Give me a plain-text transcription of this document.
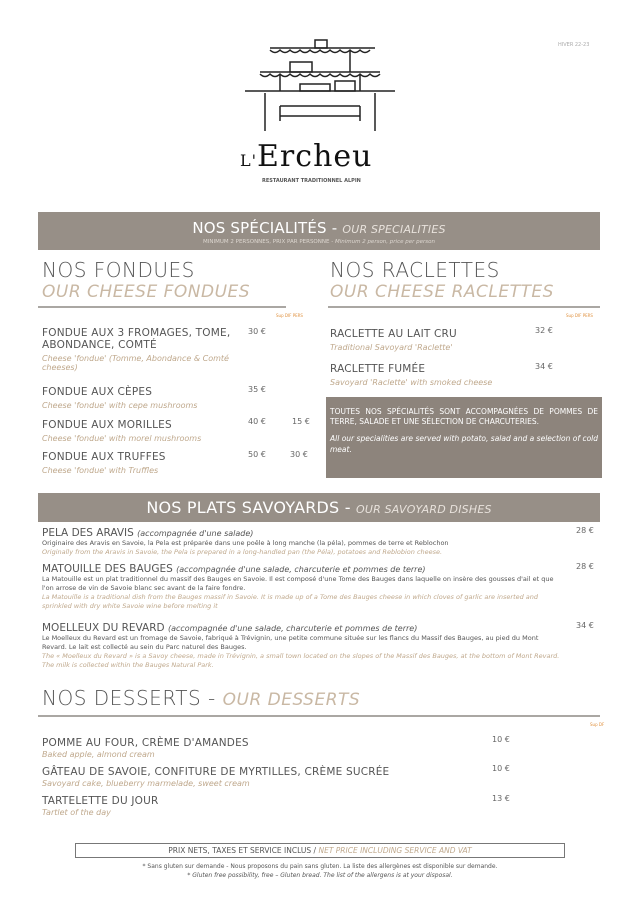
HIVER 22-23
L'Ercheu
RESTAURANT TRADITIONNEL ALPIN
NOS SPÉCIALITÉS - OUR SPECIALITIES
MINIMUM 2 PERSONNES, PRIX PAR PERSONNE - Minimum 2 person, price per person
NOS FONDUES
OUR CHEESE FONDUES
Sup DIF PERS
FONDUE AUX 3 FROMAGES, TOME, ABONDANCE, COMTÉ
Cheese 'fondue' (Tomme, Abondance & Comté cheeses)
30 €
FONDUE AUX CÈPES
Cheese 'fondue' with cepe mushrooms
35 €
FONDUE AUX MORILLES
Cheese 'fondue' with morel mushrooms
40 €	15 €
FONDUE AUX TRUFFES
Cheese 'fondue' with Truffles
50 €	30 €
NOS RACLETTES
OUR CHEESE RACLETTES
Sup DIF PERS
RACLETTE AU LAIT CRU
Traditional Savoyard 'Raclette'
32 €
RACLETTE FUMÉE
Savoyard 'Raclette' with smoked cheese
34 €
TOUTES NOS SPÉCIALITÉS SONT ACCOMPAGNÉES DE POMMES DE TERRE, SALADE ET UNE SÉLECTION DE CHARCUTERIES.
All our specialities are served with potato, salad and a selection of cold meat.
NOS PLATS SAVOYARDS - OUR SAVOYARD DISHES
PELA DES ARAVIS (accompagnée d'une salade)
Originaire des Aravis en Savoie, la Pela est préparée dans une poêle à long manche (la péla), pommes de terre et Reblochon
Originally from the Aravis in Savoie, the Pela is prepared in a long-handled pan (the Péla), potatoes and Reblobion cheese.
28 €
MATOUILLE DES BAUGES (accompagnée d'une salade, charcuterie et pommes de terre)
La Matouille est un plat traditionnel du massif des Bauges en Savoie. Il est composé d'une Tome des Bauges dans laquelle on insère des gousses d'ail et que l'on arrose de vin de Savoie blanc sec avant de la faire fondre.
La Matouille is a traditional dish from the Bauges massif in Savoie. It is made up of a Tome des Bauges cheese in which cloves of garlic are inserted and sprinkled with dry white Savoie wine before melting it
28 €
MOELLEUX DU REVARD (accompagnée d'une salade, charcuterie et pommes de terre)
Le Moelleux du Revard est un fromage de Savoie, fabriqué à Trévignin, une petite commune située sur les flancs du Massif des Bauges, au pied du Mont Revard. Le lait est collecté au sein du Parc naturel des Bauges.
The « Moelleux du Revard » is a Savoy cheese, made in Trévignin, a small town located on the slopes of the Massif des Bauges, at the bottom of Mont Revard. The milk is collected within the Bauges Natural Park.
34 €
NOS DESSERTS - OUR DESSERTS
Sup DF
POMME AU FOUR, CRÈME D'AMANDES
Baked apple, almond cream
10 €
GÂTEAU DE SAVOIE, CONFITURE DE MYRTILLES, CRÈME SUCRÉE
Savoyard cake, blueberry marmelade, sweet cream
10 €
TARTELETTE DU JOUR
Tartlet of the day
13 €
PRIX NETS, TAXES ET SERVICE INCLUS / NET PRICE INCLUDING SERVICE AND VAT
* Sans gluten sur demande - Nous proposons du pain sans gluten. La liste des allergènes est disponible sur demande.
* Gluten free possibility, free – Gluten bread. The list of the allergens is at your disposal.
